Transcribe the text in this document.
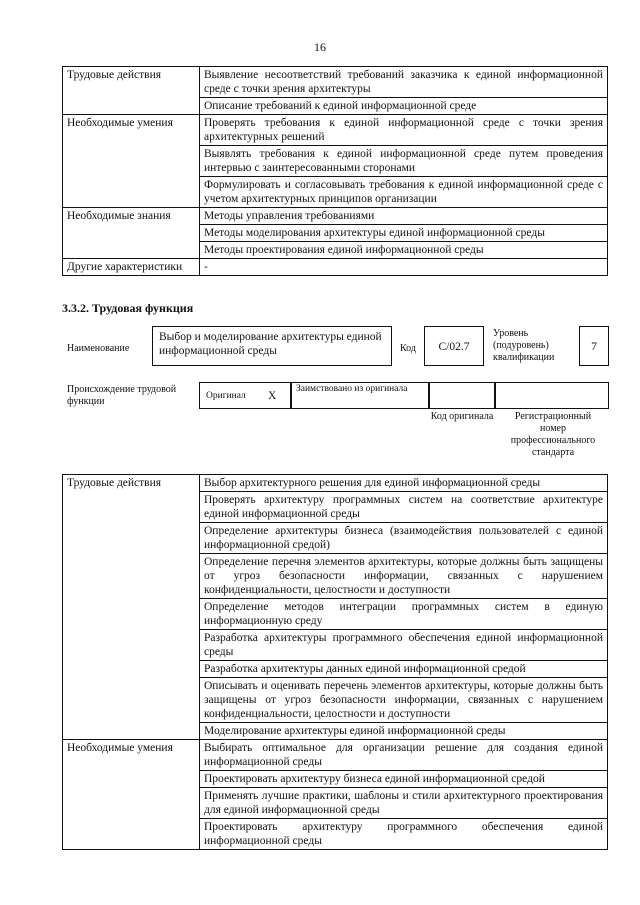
16
Трудовые действия	Выявление несоответствий требований заказчика к единой информационной среде с точки зрения архитектуры
	Описание требований к единой информационной среде
Необходимые умения	Проверять требования к единой информационной среде с точки зрения архитектурных решений
	Выявлять требования к единой информационной среде путем проведения интервью с заинтересованными сторонами
	Формулировать и согласовывать требования к единой информационной среде с учетом архитектурных принципов организации
Необходимые знания	Методы управления требованиями
	Методы моделирования архитектуры единой информационной среды
	Методы проектирования единой информационной среды
Другие характеристики	-
3.3.2. Трудовая функция
Наименование
Выбор и моделирование архитектуры единой информационной среды	Код	C/02.7
Уровень (подуровень) квалификации
7
Происхождение трудовой функции	Оригинал X
Заимствовано из оригинала
Код оригинала	Регистрационный номер профессионального стандарта
Трудовые действия	Выбор архитектурного решения для единой информационной среды
	Проверять архитектуру программных систем на соответствие архитектуре единой информационной среды
	Определение архитектуры бизнеса (взаимодействия пользователей с единой информационной средой)
	Определение перечня элементов архитектуры, которые должны быть защищены от угроз безопасности информации, связанных с нарушением конфиденциальности, целостности и доступности
	Определение методов интеграции программных систем в единую информационную среду
	Разработка архитектуры программного обеспечения единой информационной среды
	Разработка архитектуры данных единой информационной средой
	Описывать и оценивать перечень элементов архитектуры, которые должны быть защищены от угроз безопасности информации, связанных с нарушением конфиденциальности, целостности и доступности
	Моделирование архитектуры единой информационной среды
Необходимые умения	Выбирать оптимальное для организации решение для создания единой информационной среды
	Проектировать архитектуру бизнеса единой информационной средой
	Применять лучшие практики, шаблоны и стили архитектурного проектирования для единой информационной среды
	Проектировать архитектуру программного обеспечения единой информационной среды
